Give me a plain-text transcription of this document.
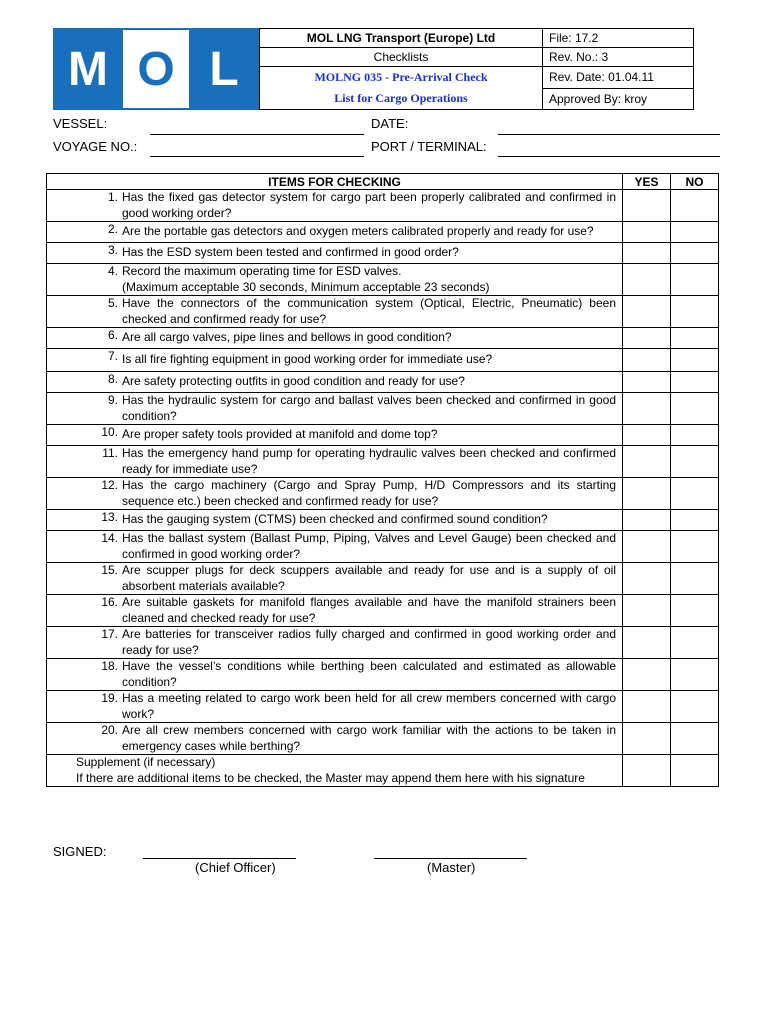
M O L
MOL LNG Transport (Europe) Ltd	File: 17.2
Checklists	Rev. No.: 3
MOLNG 035 - Pre-Arrival Check
List for Cargo Operations	Rev. Date: 01.04.11
	Approved By: kroy
VESSEL:	DATE:
VOYAGE NO.:	PORT / TERMINAL:
ITEMS FOR CHECKING	YES	NO

1. Has the fixed gas detector system for cargo part been properly calibrated and confirmed in good working order?		

2. Are the portable gas detectors and oxygen meters calibrated properly and ready for use?		

3. Has the ESD system been tested and confirmed in good order?		

4. Record the maximum operating time for ESD valves.
(Maximum acceptable 30 seconds, Minimum acceptable 23 seconds)		

5. Have the connectors of the communication system (Optical, Electric, Pneumatic) been checked and confirmed ready for use?		

6. Are all cargo valves, pipe lines and bellows in good condition?		

7. Is all fire fighting equipment in good working order for immediate use?		

8. Are safety protecting outfits in good condition and ready for use?		

9. Has the hydraulic system for cargo and ballast valves been checked and confirmed in good condition?		

10. Are proper safety tools provided at manifold and dome top?		

11. Has the emergency hand pump for operating hydraulic valves been checked and confirmed ready for immediate use?		

12. Has the cargo machinery (Cargo and Spray Pump, H/D Compressors and its starting sequence etc.) been checked and confirmed ready for use?		

13. Has the gauging system (CTMS) been checked and confirmed sound condition?		

14. Has the ballast system (Ballast Pump, Piping, Valves and Level Gauge) been checked and confirmed in good working order?		

15. Are scupper plugs for deck scuppers available and ready for use and is a supply of oil absorbent materials available?		

16. Are suitable gaskets for manifold flanges available and have the manifold strainers been cleaned and checked ready for use?		

17. Are batteries for transceiver radios fully charged and confirmed in good working order and ready for use?		

18. Have the vessel’s conditions while berthing been calculated and estimated as allowable condition?		

19. Has a meeting related to cargo work been held for all crew members concerned with cargo work?		

20. Are all crew members concerned with cargo work familiar with the actions to be taken in emergency cases while berthing?		

Supplement (if necessary)
If there are additional items to be checked, the Master may append them here with his signature		
SIGNED:
(Chief Officer)	(Master)
